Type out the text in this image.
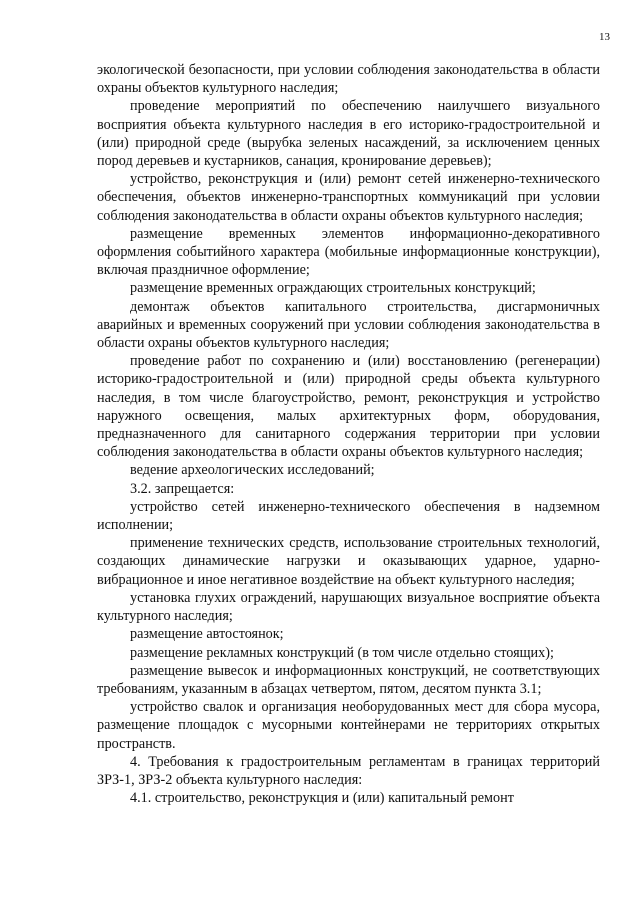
13

экологической безопасности, при условии соблюдения законодательства в области охраны объектов культурного наследия;

проведение мероприятий по обеспечению наилучшего визуального восприятия объекта культурного наследия в его историко-градостроительной и (или) природной среде (вырубка зеленых насаждений, за исключением ценных пород деревьев и кустарников, санация, кронирование деревьев);

устройство, реконструкция и (или) ремонт сетей инженерно-технического обеспечения, объектов инженерно-транспортных коммуникаций при условии соблюдения законодательства в области охраны объектов культурного наследия;

размещение временных элементов информационно-декоративного оформления событийного характера (мобильные информационные конструкции), включая праздничное оформление;

размещение временных ограждающих строительных конструкций;

демонтаж объектов капитального строительства, дисгармоничных аварийных и временных сооружений при условии соблюдения законодательства в области охраны объектов культурного наследия;

проведение работ по сохранению и (или) восстановлению (регенерации) историко-градостроительной и (или) природной среды объекта культурного наследия, в том числе благоустройство, ремонт, реконструкция и устройство наружного освещения, малых архитектурных форм, оборудования, предназначенного для санитарного содержания территории при условии соблюдения законодательства в области охраны объектов культурного наследия;

ведение археологических исследований;

3.2. запрещается:

устройство сетей инженерно-технического обеспечения в надземном исполнении;

применение технических средств, использование строительных технологий, создающих динамические нагрузки и оказывающих ударное, ударно-вибрационное и иное негативное воздействие на объект культурного наследия;

установка глухих ограждений, нарушающих визуальное восприятие объекта культурного наследия;

размещение автостоянок;

размещение рекламных конструкций (в том числе отдельно стоящих);

размещение вывесок и информационных конструкций, не соответствующих требованиям, указанным в абзацах четвертом, пятом, десятом пункта 3.1;

устройство свалок и организация необорудованных мест для сбора мусора, размещение площадок с мусорными контейнерами не территориях открытых пространств.

4. Требования к градостроительным регламентам в границах территорий ЗРЗ-1, ЗРЗ-2 объекта культурного наследия:

4.1. строительство, реконструкция и (или) капитальный ремонт
